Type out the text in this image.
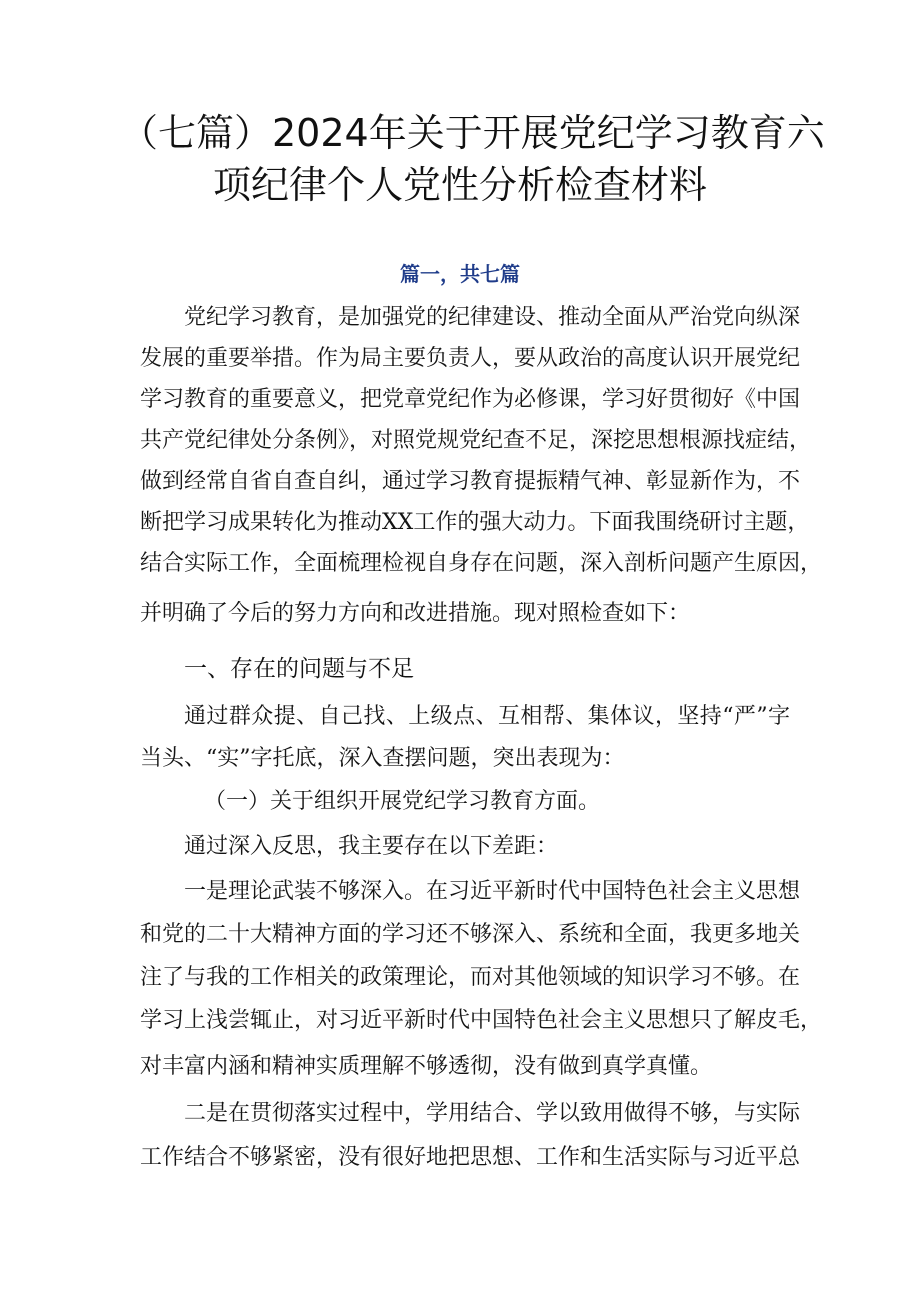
（七篇）2024年关于开展党纪学习教育六
项纪律个人党性分析检查材料
篇一，共七篇
党纪学习教育，是加强党的纪律建设、推动全面从严治党向纵深
发展的重要举措。作为局主要负责人，要从政治的高度认识开展党纪
学习教育的重要意义，把党章党纪作为必修课，学习好贯彻好《中国
共产党纪律处分条例》，对照党规党纪查不足，深挖思想根源找症结，
做到经常自省自查自纠，通过学习教育提振精气神、彰显新作为，不
断把学习成果转化为推动XX工作的强大动力。下面我围绕研讨主题，
结合实际工作，全面梳理检视自身存在问题，深入剖析问题产生原因，
并明确了今后的努力方向和改进措施。现对照检查如下：
一、存在的问题与不足
通过群众提、自己找、上级点、互相帮、集体议，坚持“严”字
当头、“实”字托底，深入查摆问题，突出表现为：
（一）关于组织开展党纪学习教育方面。
通过深入反思，我主要存在以下差距：
一是理论武装不够深入。在习近平新时代中国特色社会主义思想
和党的二十大精神方面的学习还不够深入、系统和全面，我更多地关
注了与我的工作相关的政策理论，而对其他领域的知识学习不够。在
学习上浅尝辄止，对习近平新时代中国特色社会主义思想只了解皮毛，
对丰富内涵和精神实质理解不够透彻，没有做到真学真懂。
二是在贯彻落实过程中，学用结合、学以致用做得不够，与实际
工作结合不够紧密，没有很好地把思想、工作和生活实际与习近平总
